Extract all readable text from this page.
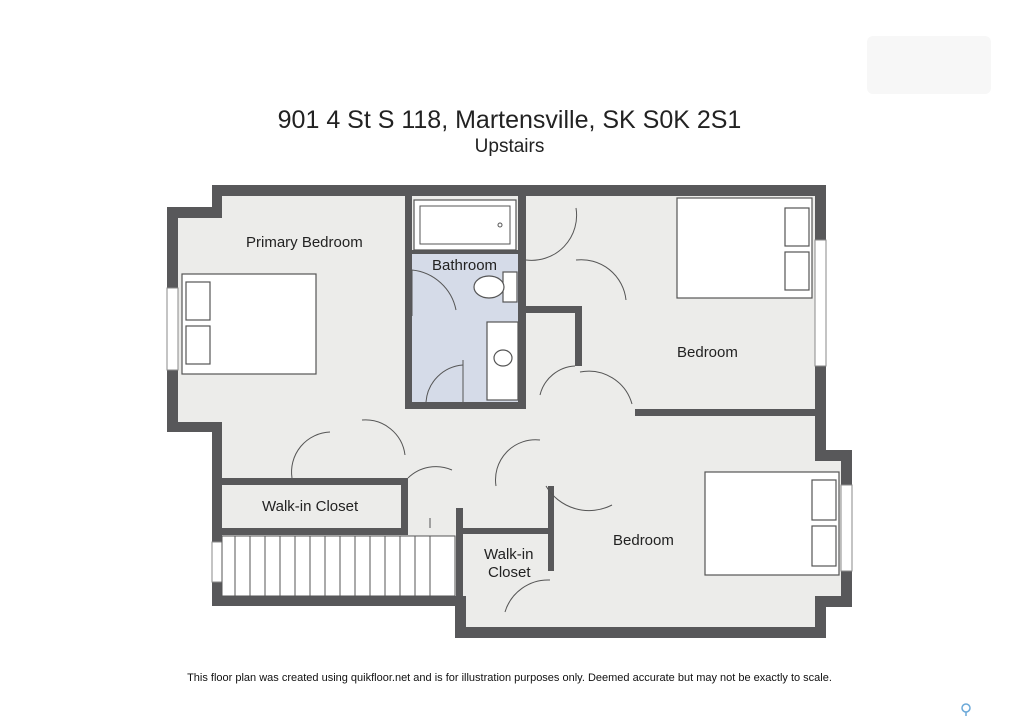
901 4 St S 118, Martensville, SK S0K 2S1
Upstairs
Primary Bedroom
Bathroom
Bedroom
Bedroom
Walk-in Closet
Walk-in
Closet
This floor plan was created using quikfloor.net and is for illustration purposes only. Deemed accurate but may not be exactly to scale.
